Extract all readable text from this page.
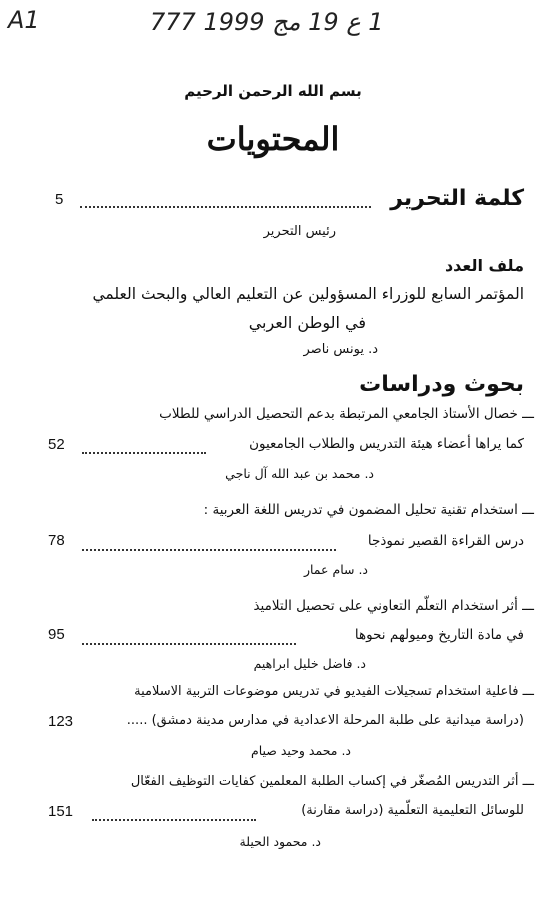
A1	1 ع 19 مج 1999 777
بسم الله الرحمن الرحيم
المحتويات
كلمة التحرير
5
رئيس التحرير
ملف العدد
المؤتمر السابع للوزراء المسؤولين عن التعليم العالي والبحث العلمي
في الوطن العربي
د. يونس ناصر
بحوث ودراسات
ـــ خصال الأستاذ الجامعي المرتبطة بدعم التحصيل الدراسي للطلاب
كما يراها أعضاء هيئة التدريس والطلاب الجامعيون
52
د. محمد بن عبد الله آل ناجي
ـــ استخدام تقنية تحليل المضمون في تدريس اللغة العربية :
درس القراءة القصير نموذجا
78
د. سام عمار
ـــ أثر استخدام التعلّم التعاوني على تحصيل التلاميذ
في مادة التاريخ وميولهم نحوها
95
د. فاضل خليل ابراهيم
ـــ فاعلية استخدام تسجيلات الفيديو في تدريس موضوعات التربية الاسلامية
(دراسة ميدانية على طلبة المرحلة الاعدادية في مدارس مدينة دمشق) .....
123
د. محمد وحيد صيام
ـــ أثر التدريس المُصغّر في إكساب الطلبة المعلمين كفايات التوظيف الفعّال
للوسائل التعليمية التعلّمية (دراسة مقارنة)
151
د. محمود الحيلة
